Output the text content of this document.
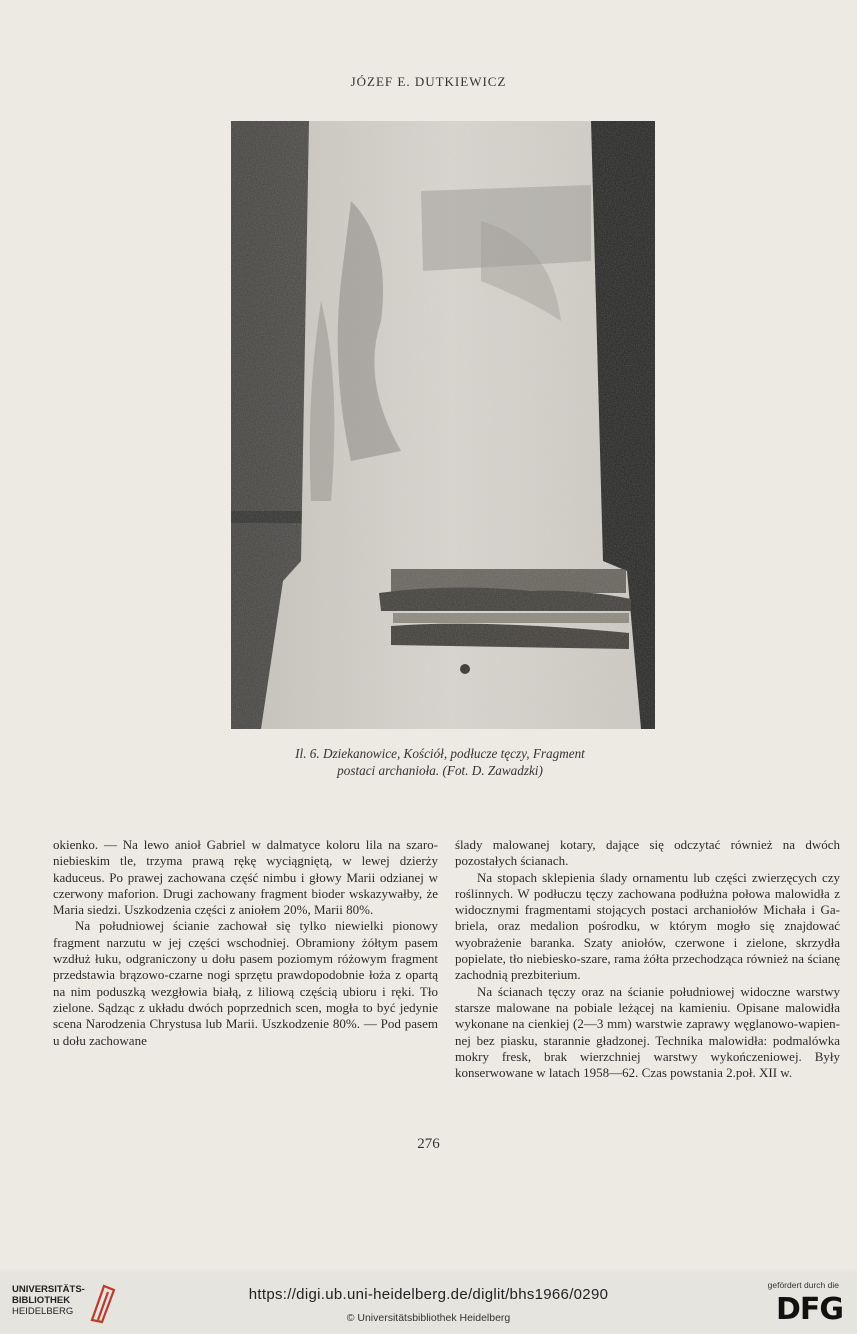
JÓZEF E. DUTKIEWICZ
Il. 6. Dziekanowice, Kościół, podłucze tęczy, Fragment
postaci archanioła. (Fot. D. Zawadzki)

okienko. — Na lewo anioł Gabriel w dalmatyce koloru lila na szaro-niebieskim tle, trzyma prawą rękę wyciągniętą, w lewej dzierży kaduceus. Po prawej zachowana część nimbu i głowy Marii odzianej w czerwony maforion. Drugi zachowany fragment bioder wskazywałby, że Maria siedzi. Uszkodzenia części z aniołem 20%, Marii 80%.

Na południowej ścianie zachował się tylko niewielki pionowy fragment narzutu w jej części wschodniej. Obramiony żółtym pasem wzdłuż łuku, odgraniczony u dołu pasem poziomym różowym fragment przedstawia brązowo-czarne nogi sprzętu prawdopodobnie łoża z opartą na nim poduszką wezgłowia białą, z liliową częścią ubioru i ręki. Tło zielone. Sądząc z układu dwóch poprzednich scen, mogła to być jedynie scena Narodzenia Chrystusa lub Marii. Uszkodzenie 80%. — Pod pasem u dołu zachowane

ślady malowanej kotary, dające się odczytać również na dwóch pozostałych ścianach.

Na stopach sklepienia ślady ornamentu lub części zwierzęcych czy roślinnych. W podłuczu tęczy zachowana podłużna połowa malowidła z widocznymi fragmentami stojących postaci archaniołów Michała i Gabriela, oraz medalion pośrodku, w którym mogło się znajdować wyobrażenie baranka. Szaty aniołów, czerwone i zielone, skrzydła popielate, tło niebiesko-szare, rama żółta przechodząca również na ścianę zachodnią prezbiterium.

Na ścianach tęczy oraz na ścianie południowej widoczne warstwy starsze malowane na pobiale leżącej na kamieniu. Opisane malowidła wykonane na cienkiej (2—3 mm) warstwie zaprawy węglanowo-wapiennej bez piasku, starannie gładzonej. Technika malowidła: podmalówka mokry fresk, brak wierzchniej warstwy wykończeniowej. Były konserwowane w latach 1958—62. Czas powstania 2.poł. XII w.

276
UNIVERSITÄTS-
BIBLIOTHEK
HEIDELBERG
https://digi.ub.uni-heidelberg.de/diglit/bhs1966/0290
© Universitätsbibliothek Heidelberg
gefördert durch die
DFG
